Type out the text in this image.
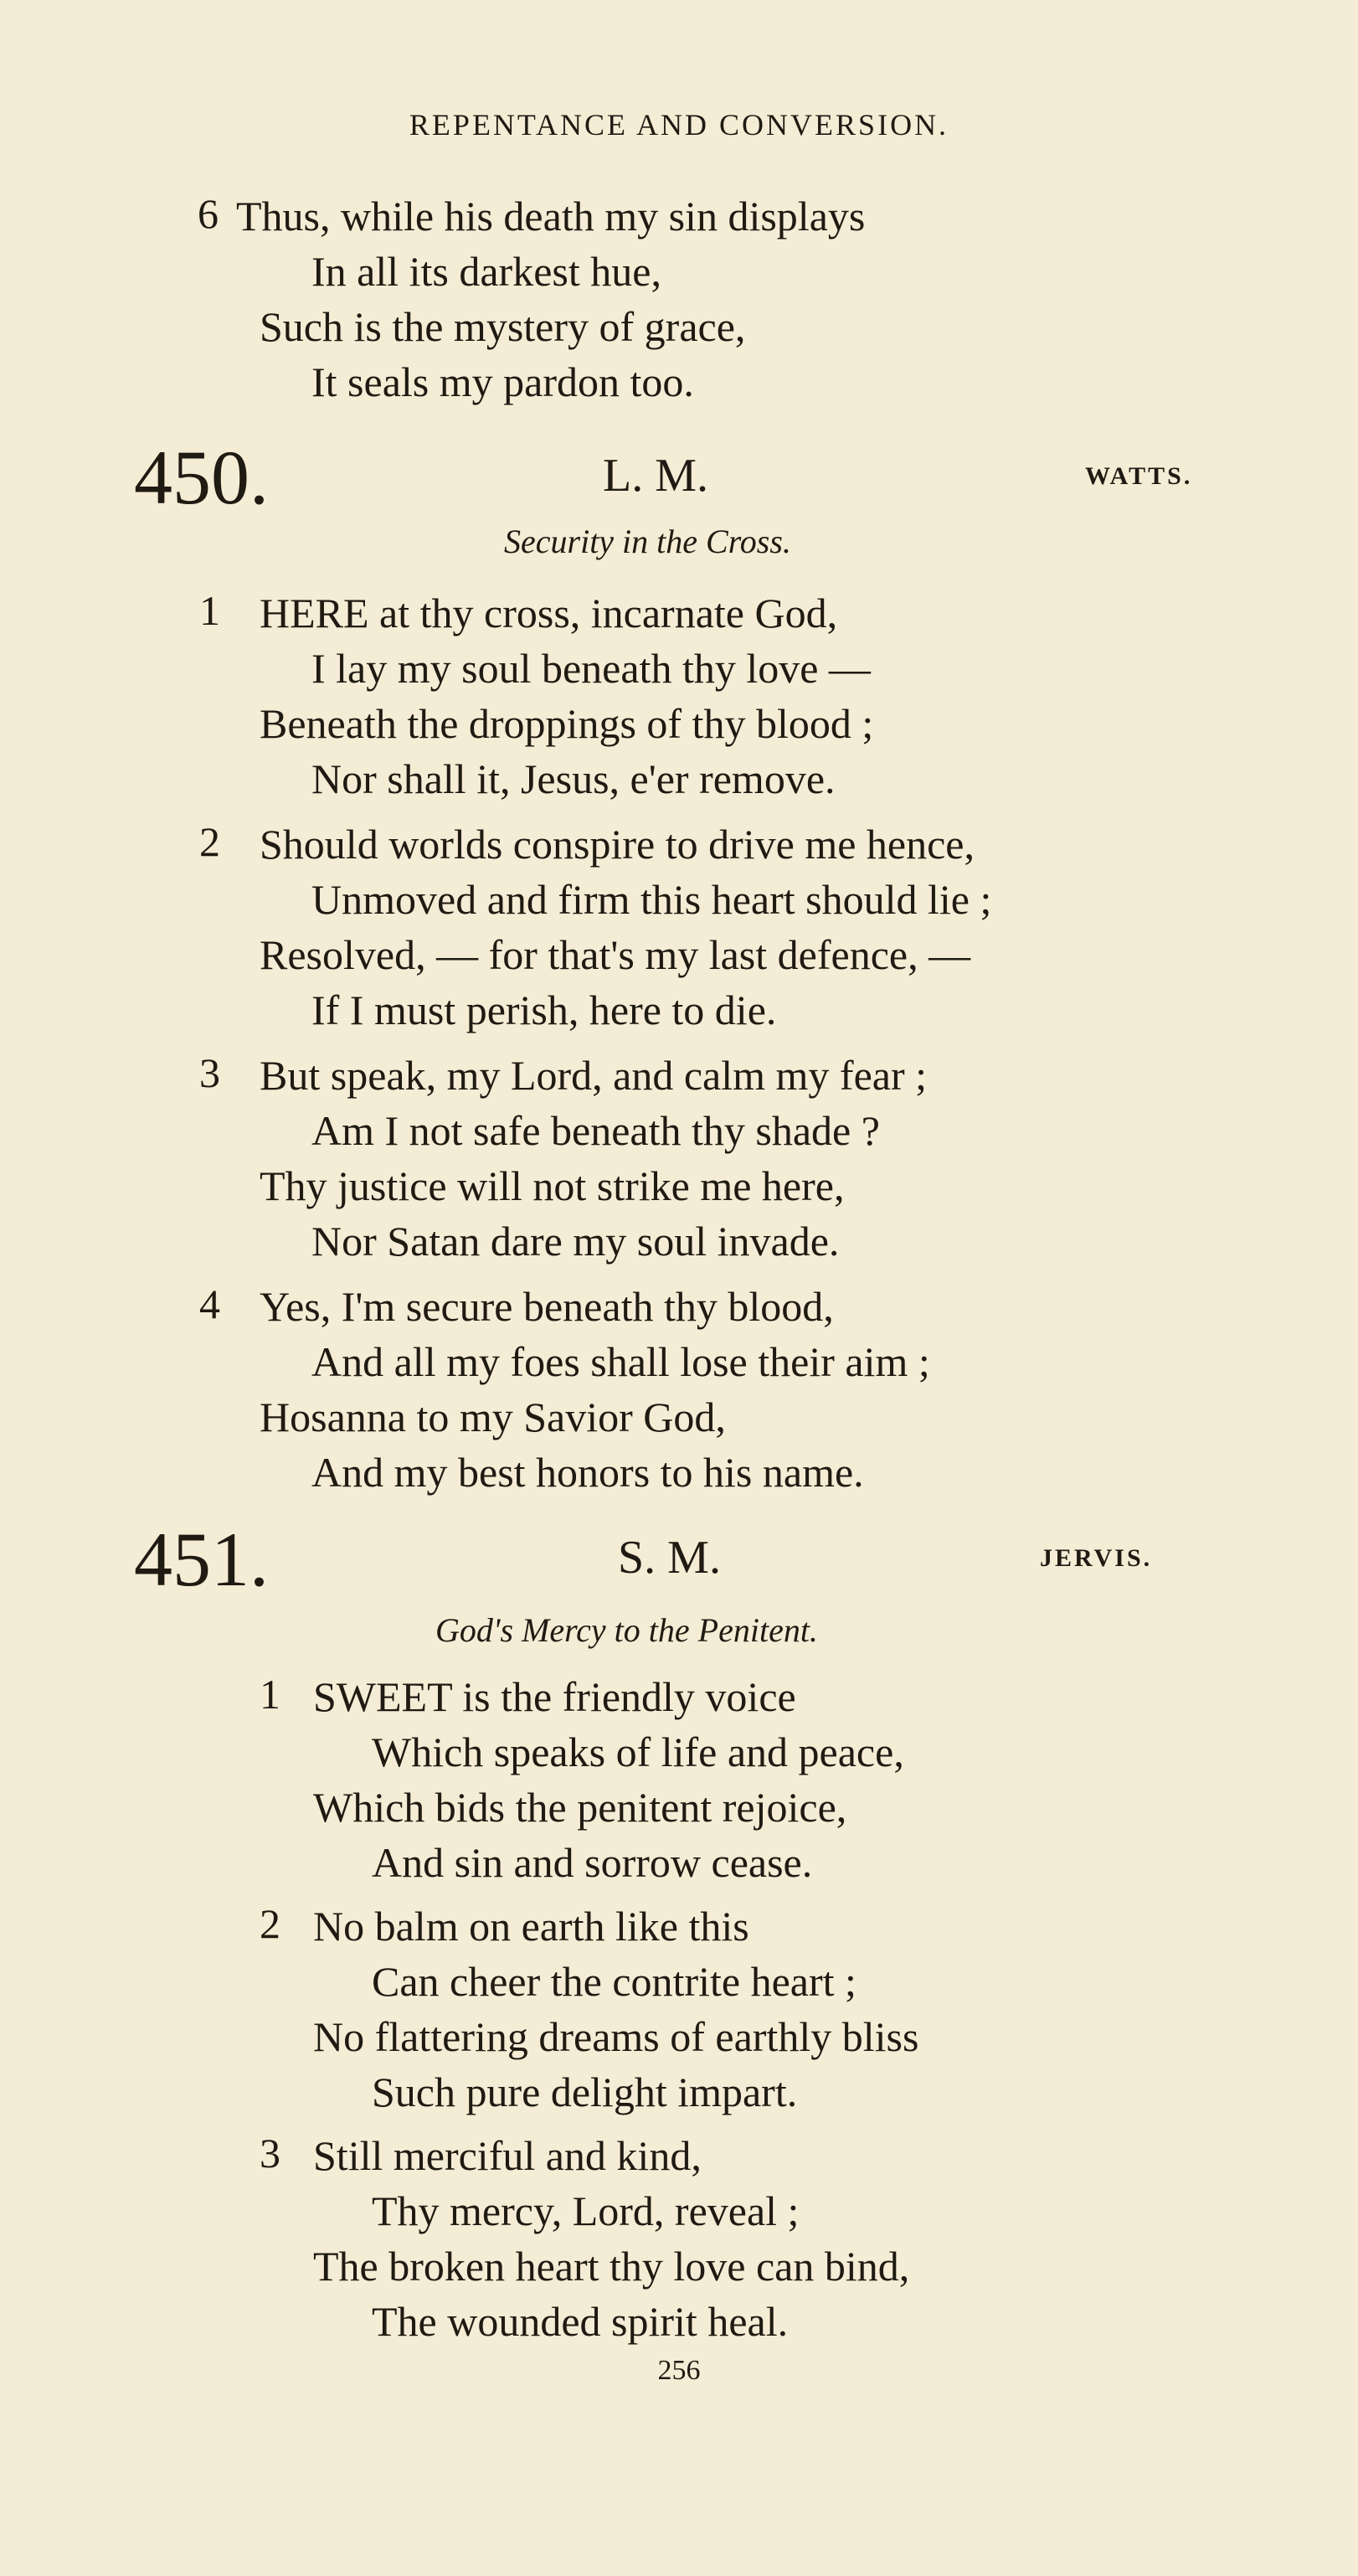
REPENTANCE AND CONVERSION.
6 Thus, while his death my sin displays
In all its darkest hue,
Such is the mystery of grace,
It seals my pardon too.
450.	L. M.	WATTS.
Security in the Cross.
1 HERE at thy cross, incarnate God,
I lay my soul beneath thy love —
Beneath the droppings of thy blood ;
Nor shall it, Jesus, e'er remove.
2 Should worlds conspire to drive me hence,
Unmoved and firm this heart should lie ;
Resolved, — for that's my last defence, —
If I must perish, here to die.
3 But speak, my Lord, and calm my fear ;
Am I not safe beneath thy shade ?
Thy justice will not strike me here,
Nor Satan dare my soul invade.
4 Yes, I'm secure beneath thy blood,
And all my foes shall lose their aim ;
Hosanna to my Savior God,
And my best honors to his name.
451.	S. M.	JERVIS.
God's Mercy to the Penitent.
1 SWEET is the friendly voice
Which speaks of life and peace,
Which bids the penitent rejoice,
And sin and sorrow cease.
2 No balm on earth like this
Can cheer the contrite heart ;
No flattering dreams of earthly bliss
Such pure delight impart.
3 Still merciful and kind,
Thy mercy, Lord, reveal ;
The broken heart thy love can bind,
The wounded spirit heal.
256
